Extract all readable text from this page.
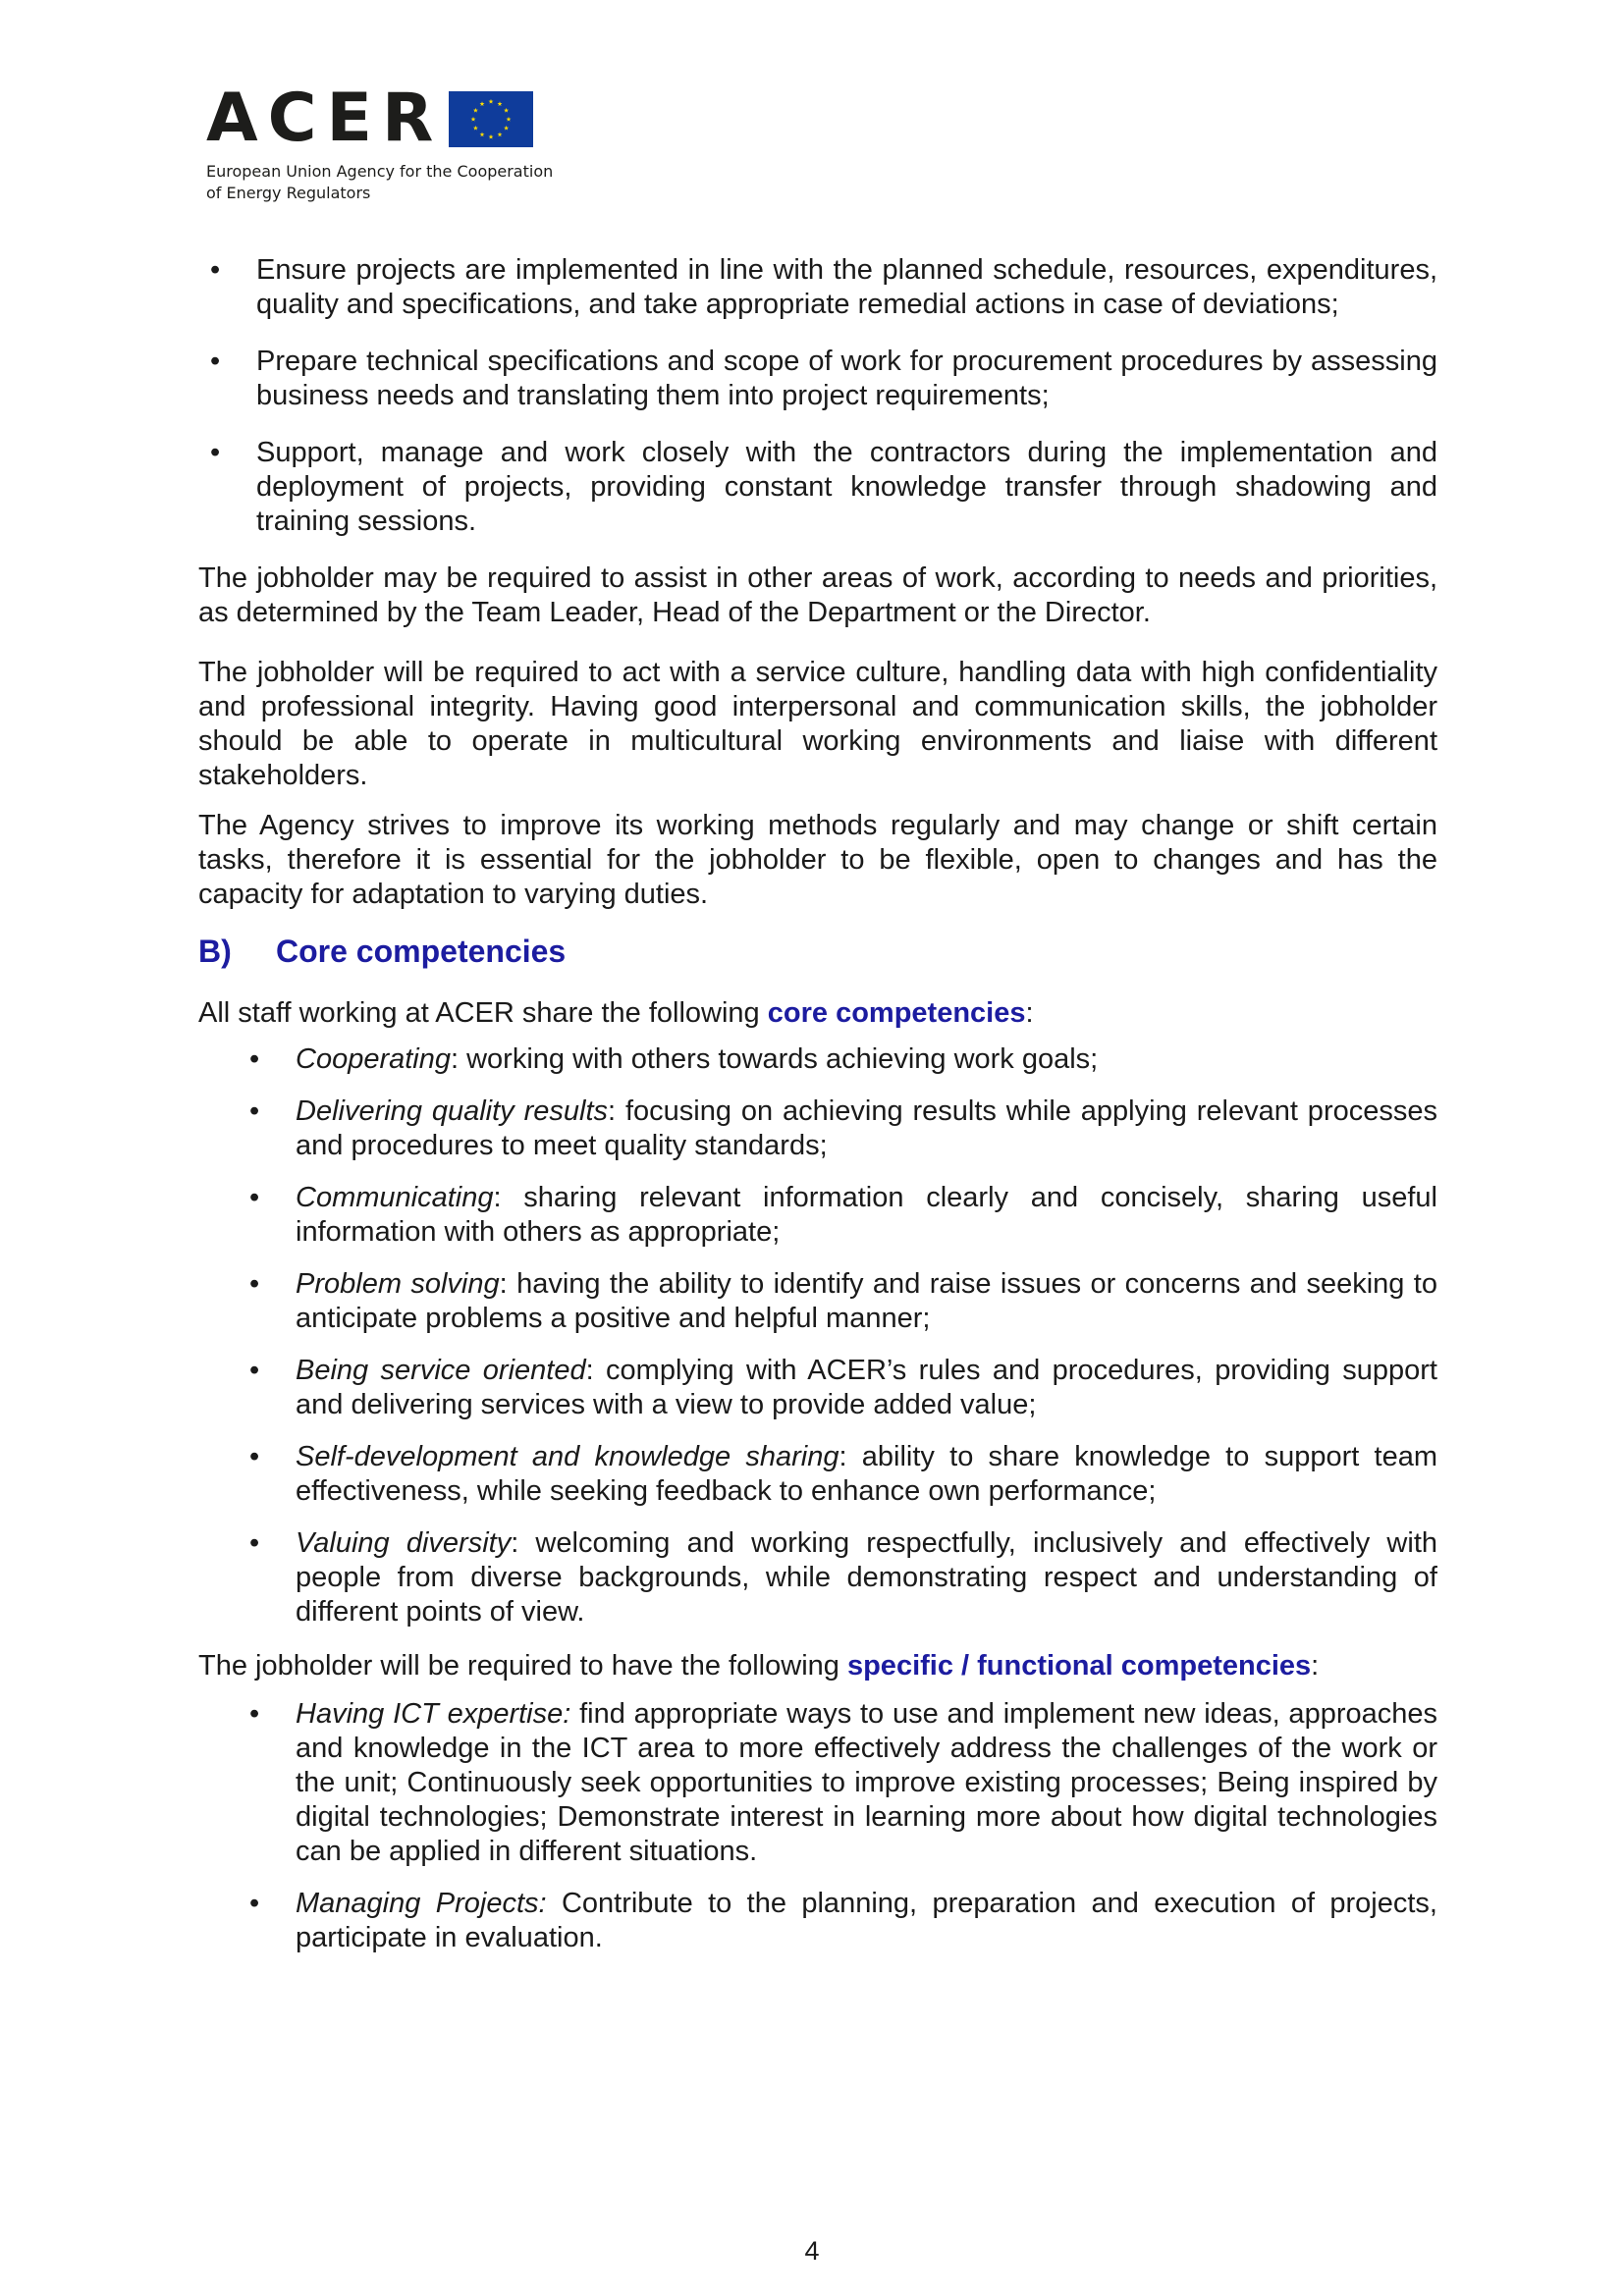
ACER
European Union Agency for the Cooperation
of Energy Regulators
• Ensure projects are implemented in line with the planned schedule, resources, expenditures, quality and specifications, and take appropriate remedial actions in case of deviations;
• Prepare technical specifications and scope of work for procurement procedures by assessing business needs and translating them into project requirements;
• Support, manage and work closely with the contractors during the implementation and deployment of projects, providing constant knowledge transfer through shadowing and training sessions.

The jobholder may be required to assist in other areas of work, according to needs and priorities, as determined by the Team Leader, Head of the Department or the Director.

The jobholder will be required to act with a service culture, handling data with high confidentiality and professional integrity. Having good interpersonal and communication skills, the jobholder should be able to operate in multicultural working environments and liaise with different stakeholders.

The Agency strives to improve its working methods regularly and may change or shift certain tasks, therefore it is essential for the jobholder to be flexible, open to changes and has the capacity for adaptation to varying duties.

B)	Core competencies

All staff working at ACER share the following core competencies:

• Cooperating: working with others towards achieving work goals;
• Delivering quality results: focusing on achieving results while applying relevant processes and procedures to meet quality standards;
• Communicating: sharing relevant information clearly and concisely, sharing useful information with others as appropriate;
• Problem solving: having the ability to identify and raise issues or concerns and seeking to anticipate problems a positive and helpful manner;
• Being service oriented: complying with ACER’s rules and procedures, providing support and delivering services with a view to provide added value;
• Self-development and knowledge sharing: ability to share knowledge to support team effectiveness, while seeking feedback to enhance own performance;
• Valuing diversity: welcoming and working respectfully, inclusively and effectively with people from diverse backgrounds, while demonstrating respect and understanding of different points of view.

The jobholder will be required to have the following specific / functional competencies:

• Having ICT expertise: find appropriate ways to use and implement new ideas, approaches and knowledge in the ICT area to more effectively address the challenges of the work or the unit; Continuously seek opportunities to improve existing processes; Being inspired by digital technologies; Demonstrate interest in learning more about how digital technologies can be applied in different situations.
• Managing Projects: Contribute to the planning, preparation and execution of projects, participate in evaluation.
4
